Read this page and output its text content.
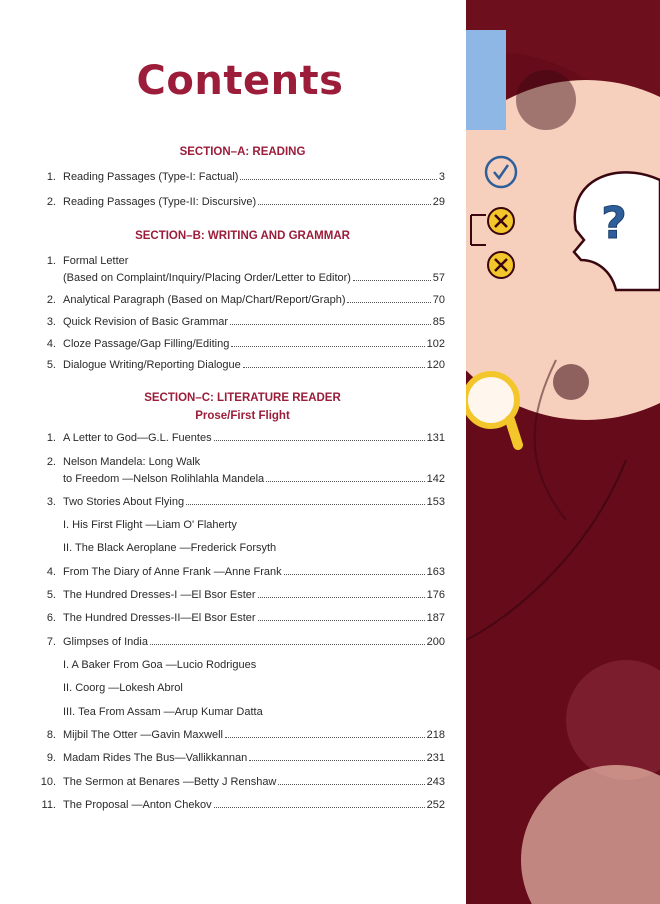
Contents
SECTION–A: READING
1. Reading Passages (Type-I: Factual)	3
2. Reading Passages (Type-II: Discursive)	29
SECTION–B: WRITING AND GRAMMAR
1. Formal Letter
(Based on Complaint/Inquiry/Placing Order/Letter to Editor)	57
2. Analytical Paragraph (Based on Map/Chart/Report/Graph)	70
3. Quick Revision of Basic Grammar	85
4. Cloze Passage/Gap Filling/Editing	102
5. Dialogue Writing/Reporting Dialogue	120
SECTION–C: LITERATURE READER
Prose/First Flight
1. A Letter to God—G.L. Fuentes	131
2. Nelson Mandela: Long Walk
to Freedom —Nelson Rolihlahla Mandela	142
3. Two Stories About Flying	153
I. His First Flight —Liam O' Flaherty
II. The Black Aeroplane —Frederick Forsyth
4. From The Diary of Anne Frank —Anne Frank	163
5. The Hundred Dresses-I —El Bsor Ester	176
6. The Hundred Dresses-II—El Bsor Ester	187
7. Glimpses of India	200
I. A Baker From Goa —Lucio Rodrigues
II. Coorg —Lokesh Abrol
III. Tea From Assam —Arup Kumar Datta
8. Mijbil The Otter —Gavin Maxwell	218
9. Madam Rides The Bus—Vallikkannan	231
10. The Sermon at Benares —Betty J Renshaw	243
11. The Proposal —Anton Chekov	252
?
